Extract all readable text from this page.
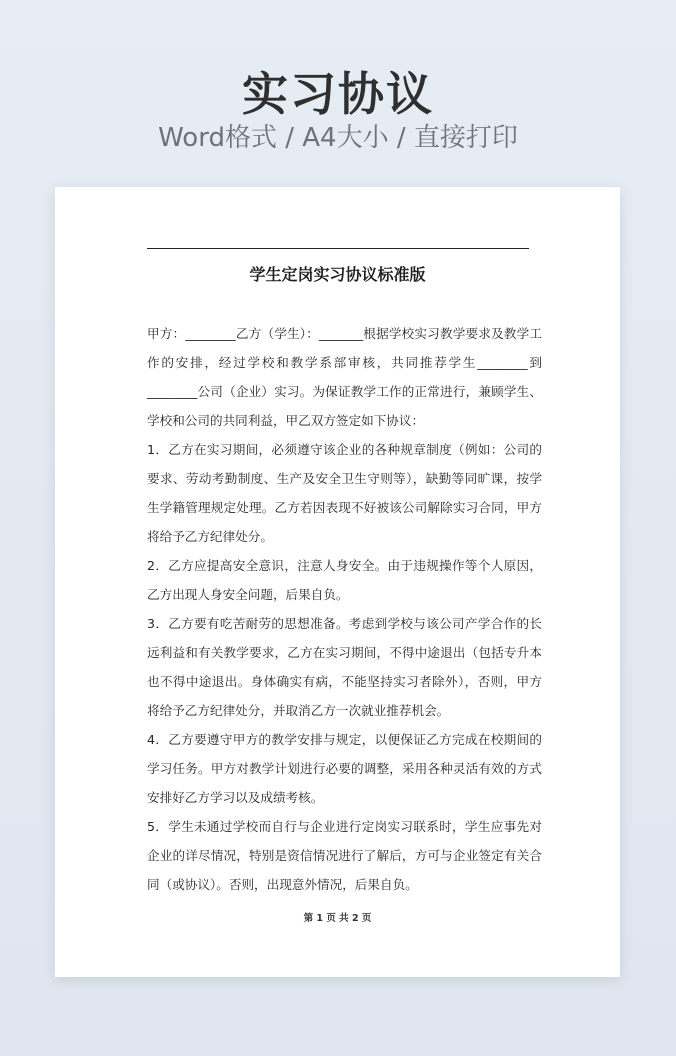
实习协议
Word格式 / A4大小 / 直接打印
学生定岗实习协议标准版

甲方：________乙方（学生）：_______根据学校实习教学要求及教学工作的安排，经过学校和教学系部审核，共同推荐学生________到________公司（企业）实习。为保证教学工作的正常进行，兼顾学生、学校和公司的共同利益，甲乙双方签定如下协议：

1．乙方在实习期间，必须遵守该企业的各种规章制度（例如：公司的要求、劳动考勤制度、生产及安全卫生守则等），缺勤等同旷课，按学生学籍管理规定处理。乙方若因表现不好被该公司解除实习合同，甲方将给予乙方纪律处分。

2．乙方应提高安全意识，注意人身安全。由于违规操作等个人原因，乙方出现人身安全问题，后果自负。

3．乙方要有吃苦耐劳的思想准备。考虑到学校与该公司产学合作的长远利益和有关教学要求，乙方在实习期间，不得中途退出（包括专升本也不得中途退出。身体确实有病，不能坚持实习者除外），否则，甲方将给予乙方纪律处分，并取消乙方一次就业推荐机会。

4．乙方要遵守甲方的教学安排与规定，以便保证乙方完成在校期间的学习任务。甲方对教学计划进行必要的调整，采用各种灵活有效的方式安排好乙方学习以及成绩考核。

5．学生未通过学校而自行与企业进行定岗实习联系时，学生应事先对企业的详尽情况，特别是资信情况进行了解后，方可与企业签定有关合同（或协议）。否则，出现意外情况，后果自负。

第 1 页 共 2 页
